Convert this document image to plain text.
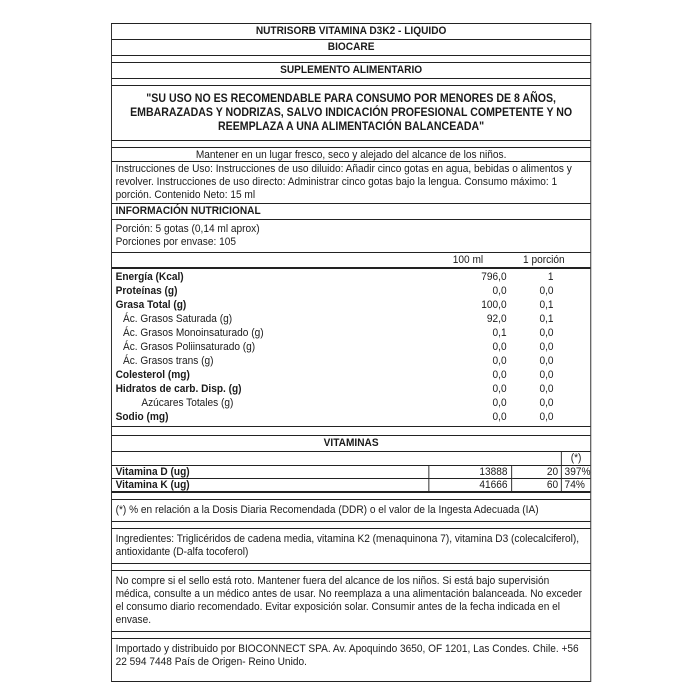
NUTRISORB VITAMINA D3K2 - LIQUIDO
BIOCARE
SUPLEMENTO ALIMENTARIO
"SU USO NO ES RECOMENDABLE PARA CONSUMO POR MENORES DE 8 AÑOS, EMBARAZADAS Y NODRIZAS, SALVO INDICACIÓN PROFESIONAL COMPETENTE Y NO REEMPLAZA A UNA ALIMENTACIÓN BALANCEADA"
Mantener en un lugar fresco, seco y alejado del alcance de los niños.
Instrucciones de Uso: Instrucciones de uso diluido: Añadir cinco gotas en agua, bebidas o alimentos y revolver. Instrucciones de uso directo: Administrar cinco gotas bajo la lengua. Consumo máximo: 1 porción. Contenido Neto: 15 ml
INFORMACIÓN NUTRICIONAL
Porción: 5 gotas (0,14 ml aprox)
Porciones por envase: 105
100 ml	1 porción
Energía (Kcal)	796,0	1
Proteínas (g)	0,0	0,0
Grasa Total (g)	100,0	0,1
Ác. Grasos Saturada (g)	92,0	0,1
Ác. Grasos Monoinsaturado (g)	0,1	0,0
Ác. Grasos Poliinsaturado (g)	0,0	0,0
Ác. Grasos trans (g)	0,0	0,0
Colesterol (mg)	0,0	0,0
Hidratos de carb. Disp. (g)	0,0	0,0
Azúcares Totales (g)	0,0	0,0
Sodio (mg)	0,0	0,0
VITAMINAS
(*)
Vitamina D (ug)	13888	20 397%
Vitamina K (ug)	41666	60 74%
(*) % en relación a la Dosis Diaria Recomendada (DDR) o el valor de la Ingesta Adecuada (IA)
Ingredientes: Triglicéridos de cadena media, vitamina K2 (menaquinona 7), vitamina D3 (colecalciferol), antioxidante (D-alfa tocoferol)
No compre si el sello está roto. Mantener fuera del alcance de los niños. Si está bajo supervisión médica, consulte a un médico antes de usar. No reemplaza a una alimentación balanceada. No exceder el consumo diario recomendado. Evitar exposición solar. Consumir antes de la fecha indicada en el envase.
Importado y distribuido por BIOCONNECT SPA. Av. Apoquindo 3650, OF 1201, Las Condes. Chile. +56 22 594 7448 País de Origen- Reino Unido.
